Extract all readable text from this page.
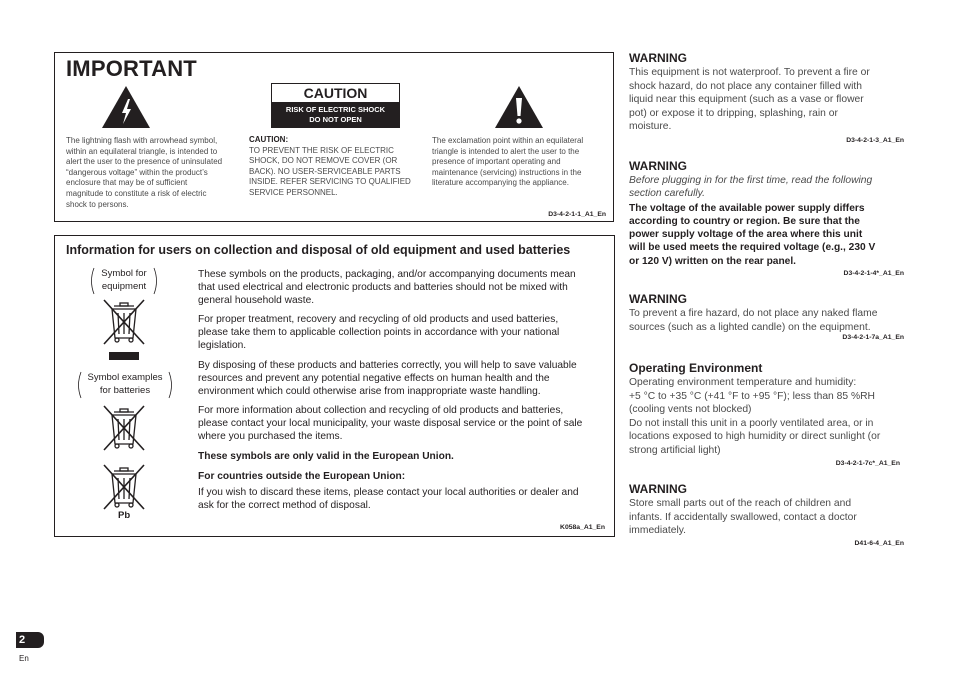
IMPORTANT
The lightning flash with arrowhead symbol,
within an equilateral triangle, is intended to
alert the user to the presence of uninsulated
“dangerous voltage” within the product’s
enclosure that may be of sufficient
magnitude to constitute a risk of electric
shock to persons.
CAUTION
RISK OF ELECTRIC SHOCK
DO NOT OPEN
CAUTION:
TO PREVENT THE RISK OF ELECTRIC
SHOCK, DO NOT REMOVE COVER (OR
BACK). NO USER-SERVICEABLE PARTS
INSIDE. REFER SERVICING TO QUALIFIED
SERVICE PERSONNEL.
The exclamation point within an equilateral
triangle is intended to alert the user to the
presence of important operating and
maintenance (servicing) instructions in the
literature accompanying the appliance.
D3-4-2-1-1_A1_En
Information for users on collection and disposal of old equipment and used batteries
Symbol for
equipment
Symbol examples
for batteries
Pb
These symbols on the products, packaging, and/or accompanying documents mean
that used electrical and electronic products and batteries should not be mixed with
general household waste.
For proper treatment, recovery and recycling of old products and used batteries,
please take them to applicable collection points in accordance with your national
legislation.
By disposing of these products and batteries correctly, you will help to save valuable
resources and prevent any potential negative effects on human health and the
environment which could otherwise arise from inappropriate waste handling.
For more information about collection and recycling of old products and batteries,
please contact your local municipality, your waste disposal service or the point of sale
where you purchased the items.
These symbols are only valid in the European Union.
For countries outside the European Union:
If you wish to discard these items, please contact your local authorities or dealer and
ask for the correct method of disposal.
K058a_A1_En
WARNING
This equipment is not waterproof. To prevent a fire or
shock hazard, do not place any container filled with
liquid near this equipment (such as a vase or flower
pot) or expose it to dripping, splashing, rain or
moisture.
D3-4-2-1-3_A1_En
WARNING
Before plugging in for the first time, read the following
section carefully.
The voltage of the available power supply differs
according to country or region. Be sure that the
power supply voltage of the area where this unit
will be used meets the required voltage (e.g., 230 V
or 120 V) written on the rear panel.
D3-4-2-1-4*_A1_En
WARNING
To prevent a fire hazard, do not place any naked flame
sources (such as a lighted candle) on the equipment.
D3-4-2-1-7a_A1_En
Operating Environment
Operating environment temperature and humidity:
+5 °C to +35 °C (+41 °F to +95 °F); less than 85 %RH
(cooling vents not blocked)
Do not install this unit in a poorly ventilated area, or in
locations exposed to high humidity or direct sunlight (or
strong artificial light)
D3-4-2-1-7c*_A1_En
WARNING
Store small parts out of the reach of children and
infants. If accidentally swallowed, contact a doctor
immediately.
D41-6-4_A1_En
2
En
